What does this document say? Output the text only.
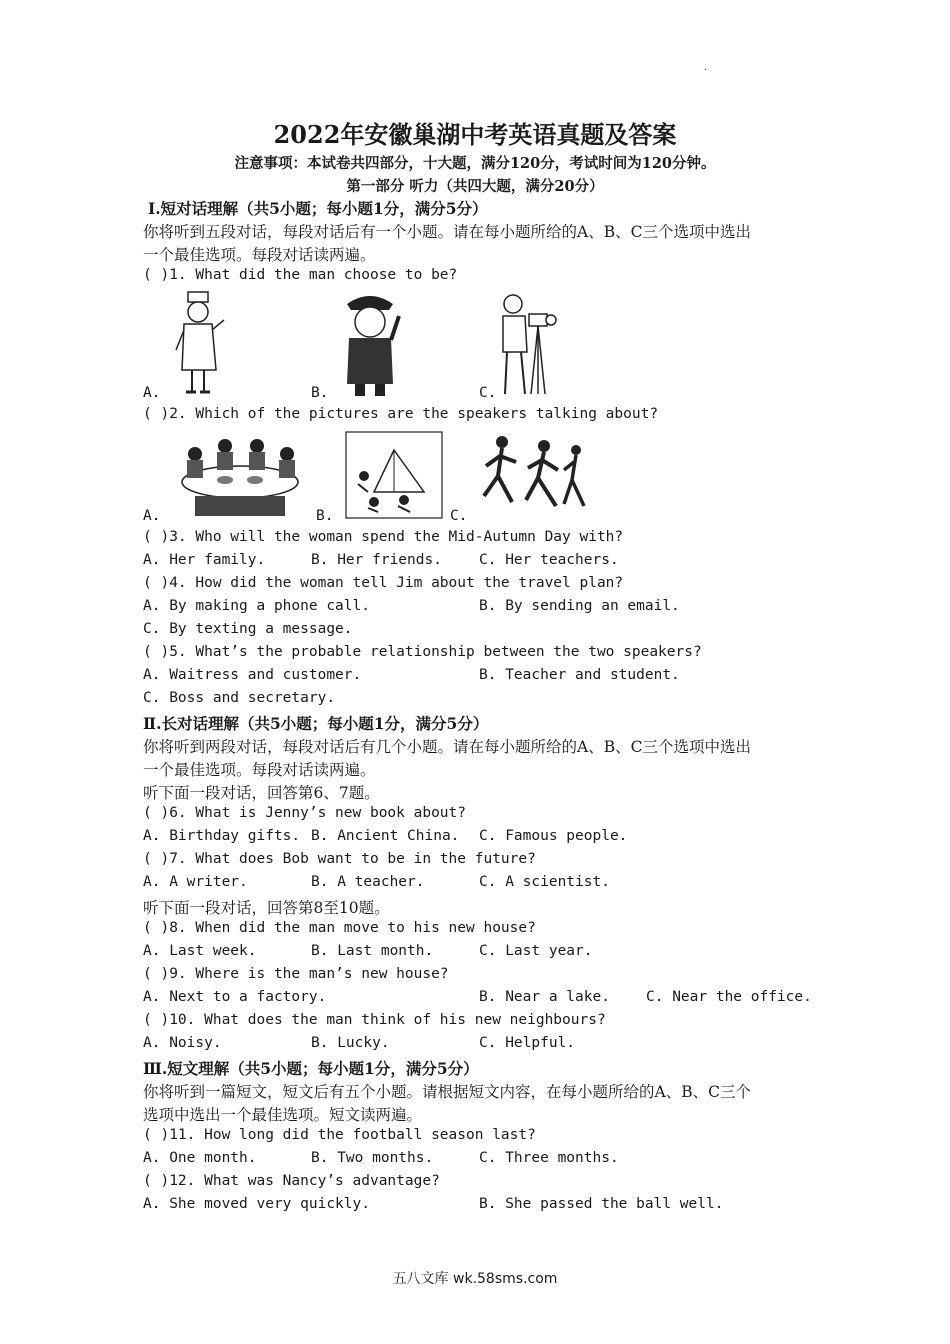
.
2022年安徽巢湖中考英语真题及答案
注意事项：本试卷共四部分，十大题，满分120分，考试时间为120分钟。
第一部分 听力（共四大题，满分20分）
Ⅰ.短对话理解（共5小题；每小题1分，满分5分）
你将听到五段对话，每段对话后有一个小题。请在每小题所给的A、B、C三个选项中选出
一个最佳选项。每段对话读两遍。
( )1. What did the man choose to be?
A.	B.	C.
( )2. Which of the pictures are the speakers talking about?
A.	B.	C.
( )3. Who will the woman spend the Mid-Autumn Day with?
A. Her family.	B. Her friends.	C. Her teachers.
( )4. How did the woman tell Jim about the travel plan?
A. By making a phone call.	B. By sending an email.
C. By texting a message.
( )5. What’s the probable relationship between the two speakers?
A. Waitress and customer.	B. Teacher and student.
C. Boss and secretary.
Ⅱ.长对话理解（共5小题；每小题1分，满分5分）
你将听到两段对话，每段对话后有几个小题。请在每小题所给的A、B、C三个选项中选出
一个最佳选项。每段对话读两遍。
听下面一段对话，回答第6、7题。
( )6. What is Jenny’s new book about?
A. Birthday gifts. B. Ancient China. C. Famous people.
( )7. What does Bob want to be in the future?
A. A writer.	B. A teacher.	C. A scientist.
听下面一段对话，回答第8至10题。
( )8. When did the man move to his new house?
A. Last week.	B. Last month.	C. Last year.
( )9. Where is the man’s new house?
A. Next to a factory.	B. Near a lake. C. Near the office.
( )10. What does the man think of his new neighbours?
A. Noisy.	B. Lucky.	C. Helpful.
Ⅲ.短文理解（共5小题；每小题1分，满分5分）
你将听到一篇短文，短文后有五个小题。请根据短文内容，在每小题所给的A、B、C三个
选项中选出一个最佳选项。短文读两遍。
( )11. How long did the football season last?
A. One month.	B. Two months.	C. Three months.
( )12. What was Nancy’s advantage?
A. She moved very quickly.	B. She passed the ball well.
五八文库 wk.58sms.com
